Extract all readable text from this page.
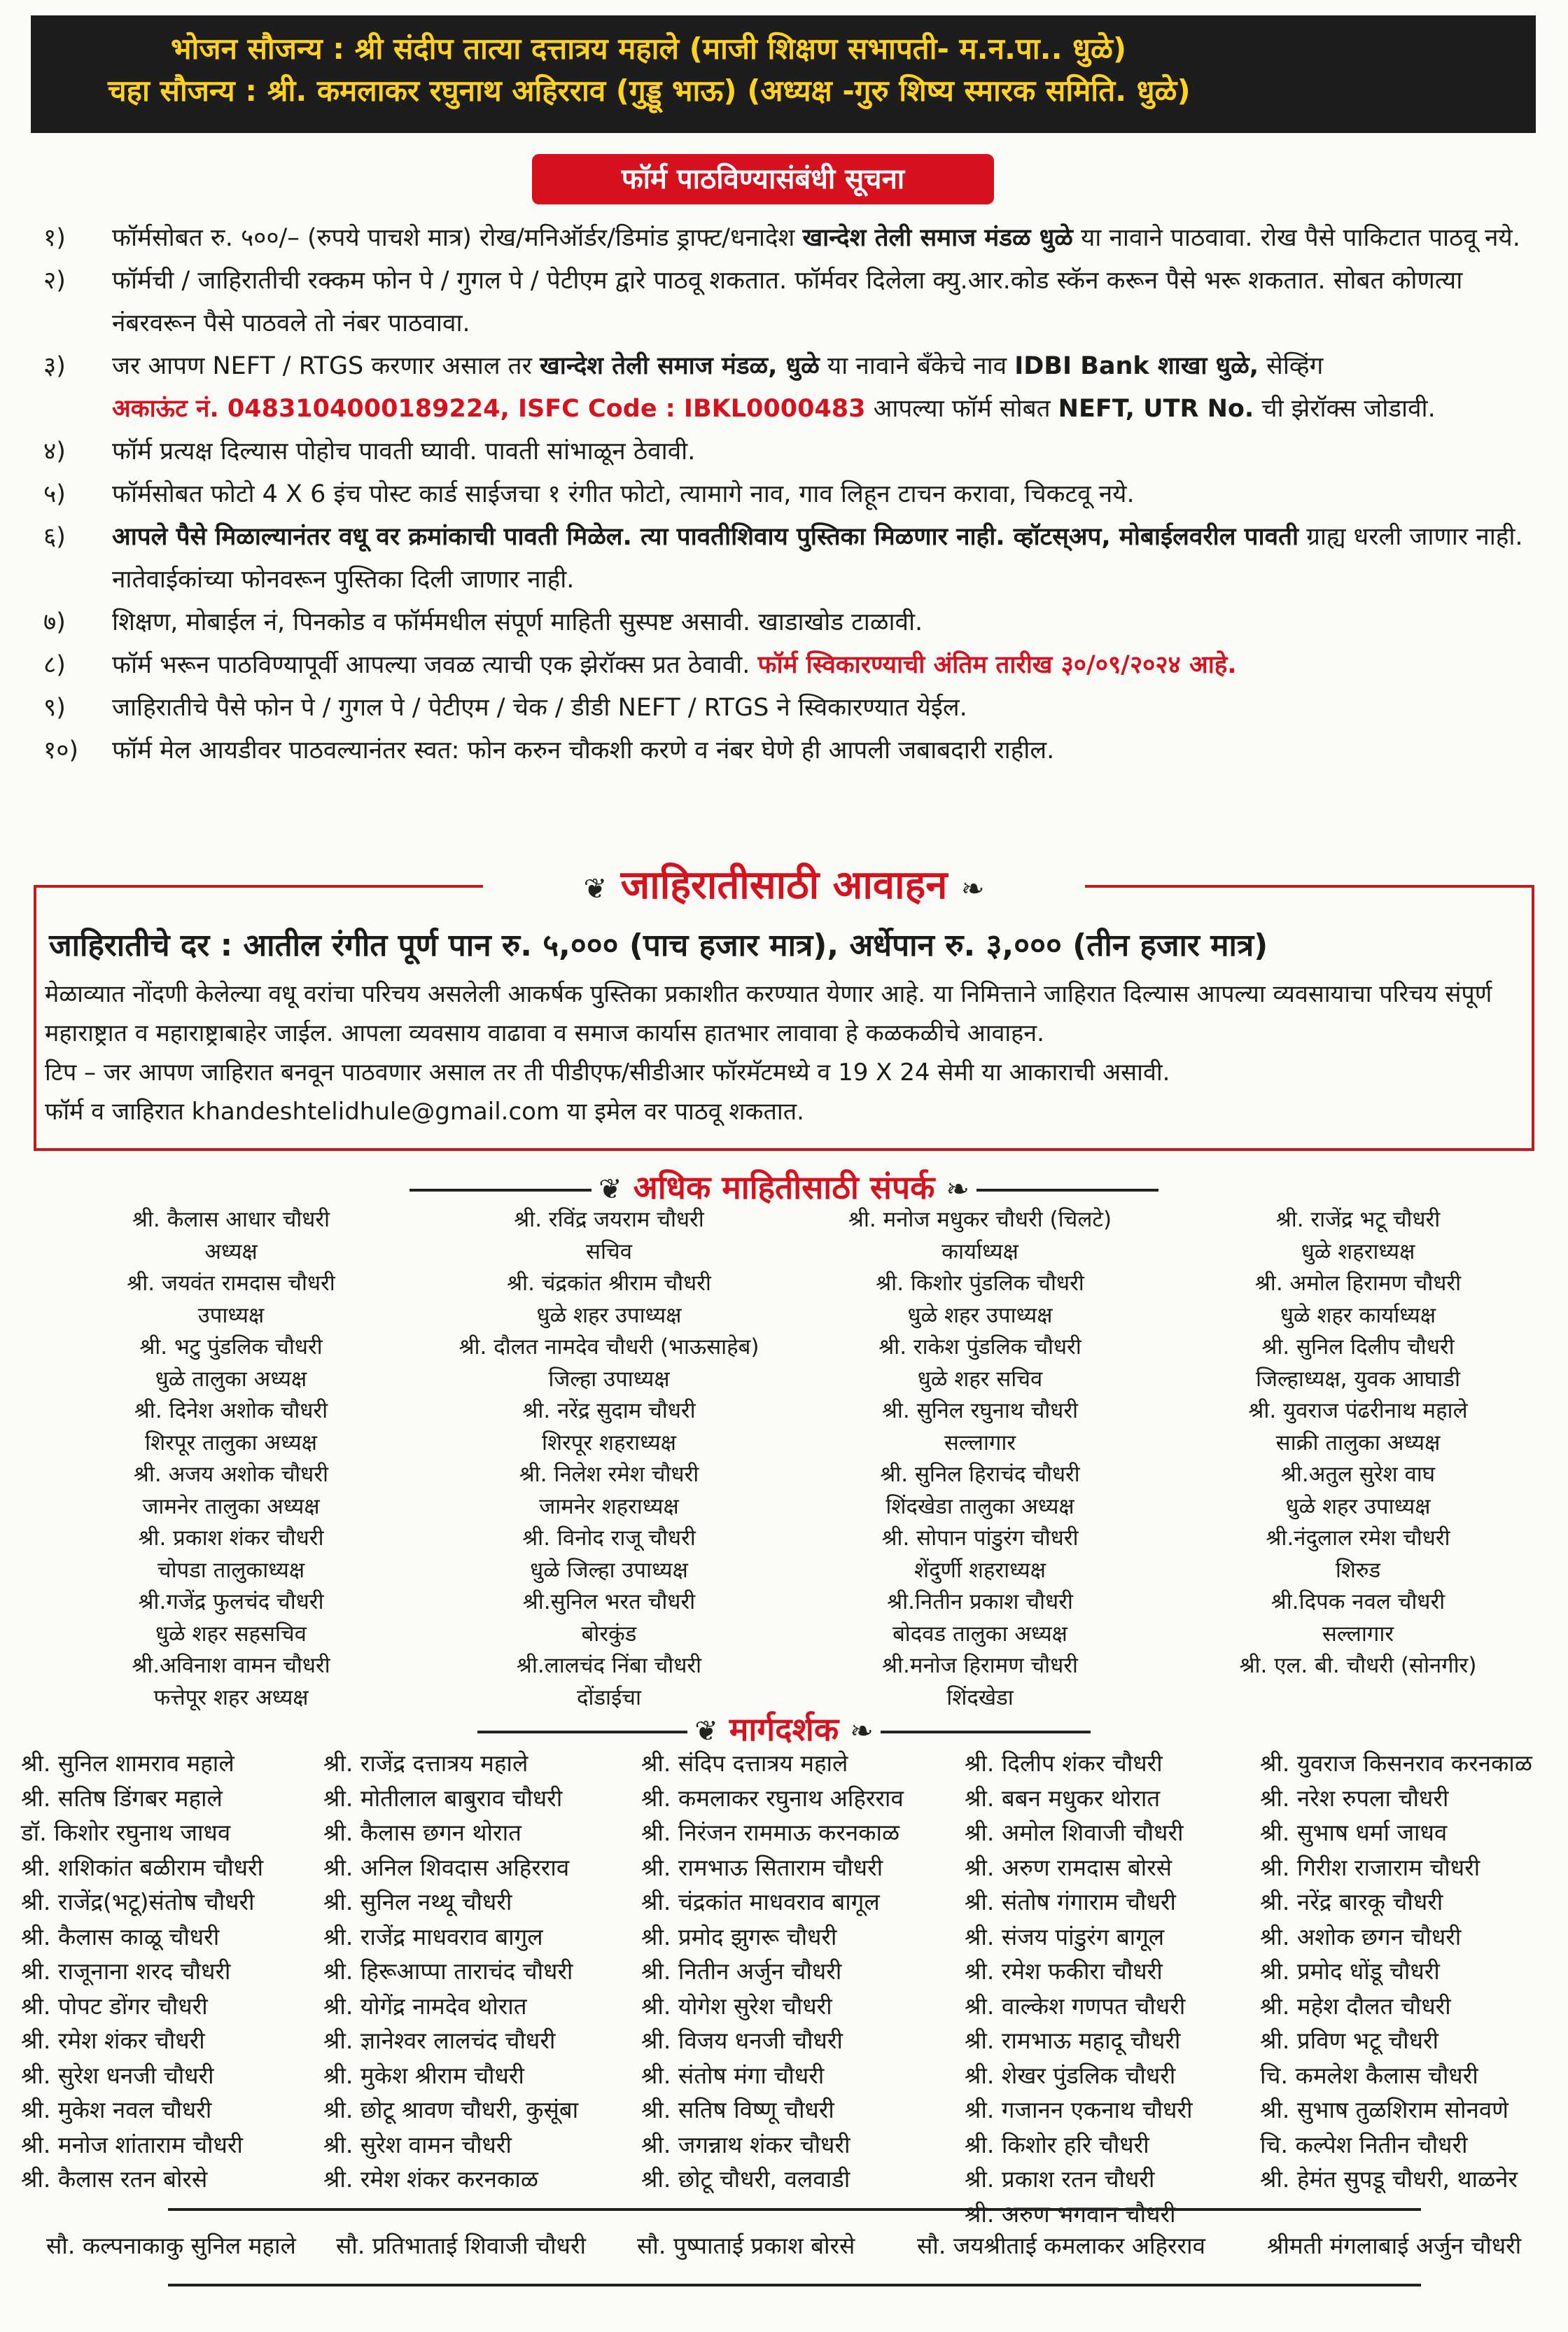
भोजन सौजन्य : श्री संदीप तात्या दत्तात्रय महाले (माजी शिक्षण सभापती- म.न.पा.. धुळे)
चहा सौजन्य : श्री. कमलाकर रघुनाथ अहिरराव (गुड्डू भाऊ) (अध्यक्ष -गुरु शिष्य स्मारक समिति. धुळे)
फॉर्म पाठविण्यासंबंधी सूचना
१)	फॉर्मसोबत रु. ५००/– (रुपये पाचशे मात्र) रोख/मनिऑर्डर/डिमांड ड्राफ्ट/धनादेश खान्देश तेली समाज मंडळ धुळे या नावाने पाठवावा. रोख पैसे पाकिटात पाठवू नये.
२)	फॉर्मची / जाहिरातीची रक्कम फोन पे / गुगल पे / पेटीएम द्वारे पाठवू शकतात. फॉर्मवर दिलेला क्यु.आर.कोड स्कॅन करून पैसे भरू शकतात. सोबत कोणत्या नंबरवरून पैसे पाठवले तो नंबर पाठवावा.
३)	जर आपण NEFT / RTGS करणार असाल तर खान्देश तेली समाज मंडळ, धुळे या नावाने बँकेचे नाव IDBI Bank शाखा धुळे, सेव्हिंग
अकाऊंट नं. 0483104000189224, ISFC Code : IBKL0000483 आपल्या फॉर्म सोबत NEFT, UTR No. ची झेरॉक्स जोडावी.
४)	फॉर्म प्रत्यक्ष दिल्यास पोहोच पावती घ्यावी. पावती सांभाळून ठेवावी.
५)	फॉर्मसोबत फोटो 4 X 6 इंच पोस्ट कार्ड साईजचा १ रंगीत फोटो, त्यामागे नाव, गाव लिहून टाचन करावा, चिकटवू नये.
६)	आपले पैसे मिळाल्यानंतर वधू वर क्रमांकाची पावती मिळेल. त्या पावतीशिवाय पुस्तिका मिळणार नाही. व्हॉटस्अप, मोबाईलवरील पावती ग्राह्य धरली जाणार नाही. नातेवाईकांच्या फोनवरून पुस्तिका दिली जाणार नाही.
७)	शिक्षण, मोबाईल नं, पिनकोड व फॉर्ममधील संपूर्ण माहिती सुस्पष्ट असावी. खाडाखोड टाळावी.
८)	फॉर्म भरून पाठविण्यापूर्वी आपल्या जवळ त्याची एक झेरॉक्स प्रत ठेवावी. फॉर्म स्विकारण्याची अंतिम तारीख ३०/०९/२०२४ आहे.
९)	जाहिरातीचे पैसे फोन पे / गुगल पे / पेटीएम / चेक / डीडी NEFT / RTGS ने स्विकारण्यात येईल.
१०)	फॉर्म मेल आयडीवर पाठवल्यानंतर स्वत: फोन करुन चौकशी करणे व नंबर घेणे ही आपली जबाबदारी राहील.
❦ जाहिरातीसाठी आवाहन ❧
जाहिरातीचे दर : आतील रंगीत पूर्ण पान रु. ५,००० (पाच हजार मात्र), अर्धेपान रु. ३,००० (तीन हजार मात्र)
मेळाव्यात नोंदणी केलेल्या वधू वरांचा परिचय असलेली आकर्षक पुस्तिका प्रकाशीत करण्यात येणार आहे. या निमित्ताने जाहिरात दिल्यास आपल्या व्यवसायाचा परिचय संपूर्ण महाराष्ट्रात व महाराष्ट्राबाहेर जाईल. आपला व्यवसाय वाढावा व समाज कार्यास हातभार लावावा हे कळकळीचे आवाहन.
टिप – जर आपण जाहिरात बनवून पाठवणार असाल तर ती पीडीएफ/सीडीआर फॉरमॅटमध्ये व 19 X 24 सेमी या आकाराची असावी.
फॉर्म व जाहिरात khandeshtelidhule@gmail.com या इमेल वर पाठवू शकतात.
❦ अधिक माहितीसाठी संपर्क ❧
श्री. कैलास आधार चौधरी
अध्यक्ष
श्री. जयवंत रामदास चौधरी
उपाध्यक्ष
श्री. भटु पुंडलिक चौधरी
धुळे तालुका अध्यक्ष
श्री. दिनेश अशोक चौधरी
शिरपूर तालुका अध्यक्ष
श्री. अजय अशोक चौधरी
जामनेर तालुका अध्यक्ष
श्री. प्रकाश शंकर चौधरी
चोपडा तालुकाध्यक्ष
श्री.गजेंद्र फुलचंद चौधरी
धुळे शहर सहसचिव
श्री.अविनाश वामन चौधरी
फत्तेपूर शहर अध्यक्ष
श्री. रविंद्र जयराम चौधरी
सचिव
श्री. चंद्रकांत श्रीराम चौधरी
धुळे शहर उपाध्यक्ष
श्री. दौलत नामदेव चौधरी (भाऊसाहेब)
जिल्हा उपाध्यक्ष
श्री. नरेंद्र सुदाम चौधरी
शिरपूर शहराध्यक्ष
श्री. निलेश रमेश चौधरी
जामनेर शहराध्यक्ष
श्री. विनोद राजू चौधरी
धुळे जिल्हा उपाध्यक्ष
श्री.सुनिल भरत चौधरी
बोरकुंड
श्री.लालचंद निंबा चौधरी
दोंडाईचा
श्री. मनोज मधुकर चौधरी (चिलटे)
कार्याध्यक्ष
श्री. किशोर पुंडलिक चौधरी
धुळे शहर उपाध्यक्ष
श्री. राकेश पुंडलिक चौधरी
धुळे शहर सचिव
श्री. सुनिल रघुनाथ चौधरी
सल्लागार
श्री. सुनिल हिराचंद चौधरी
शिंदखेडा तालुका अध्यक्ष
श्री. सोपान पांडुरंग चौधरी
शेंदुर्णी शहराध्यक्ष
श्री.नितीन प्रकाश चौधरी
बोदवड तालुका अध्यक्ष
श्री.मनोज हिरामण चौधरी
शिंदखेडा
श्री. राजेंद्र भटू चौधरी
धुळे शहराध्यक्ष
श्री. अमोल हिरामण चौधरी
धुळे शहर कार्याध्यक्ष
श्री. सुनिल दिलीप चौधरी
जिल्हाध्यक्ष, युवक आघाडी
श्री. युवराज पंढरीनाथ महाले
साक्री तालुका अध्यक्ष
श्री.अतुल सुरेश वाघ
धुळे शहर उपाध्यक्ष
श्री.नंदुलाल रमेश चौधरी
शिरुड
श्री.दिपक नवल चौधरी
सल्लागार
श्री. एल. बी. चौधरी (सोनगीर)
❦ मार्गदर्शक ❧
श्री. सुनिल शामराव महाले
श्री. सतिष डिंगबर महाले
डॉ. किशोर रघुनाथ जाधव
श्री. शशिकांत बळीराम चौधरी
श्री. राजेंद्र(भटू)संतोष चौधरी
श्री. कैलास काळू चौधरी
श्री. राजूनाना शरद चौधरी
श्री. पोपट डोंगर चौधरी
श्री. रमेश शंकर चौधरी
श्री. सुरेश धनजी चौधरी
श्री. मुकेश नवल चौधरी
श्री. मनोज शांताराम चौधरी
श्री. कैलास रतन बोरसे
श्री. राजेंद्र दत्तात्रय महाले
श्री. मोतीलाल बाबुराव चौधरी
श्री. कैलास छगन थोरात
श्री. अनिल शिवदास अहिरराव
श्री. सुनिल नथ्थू चौधरी
श्री. राजेंद्र माधवराव बागुल
श्री. हिरूआप्पा ताराचंद चौधरी
श्री. योगेंद्र नामदेव थोरात
श्री. ज्ञानेश्वर लालचंद चौधरी
श्री. मुकेश श्रीराम चौधरी
श्री. छोटू श्रावण चौधरी, कुसूंबा
श्री. सुरेश वामन चौधरी
श्री. रमेश शंकर करनकाळ
श्री. संदिप दत्तात्रय महाले
श्री. कमलाकर रघुनाथ अहिरराव
श्री. निरंजन राममाऊ करनकाळ
श्री. रामभाऊ सिताराम चौधरी
श्री. चंद्रकांत माधवराव बागूल
श्री. प्रमोद झुगरू चौधरी
श्री. नितीन अर्जुन चौधरी
श्री. योगेश सुरेश चौधरी
श्री. विजय धनजी चौधरी
श्री. संतोष मंगा चौधरी
श्री. सतिष विष्णू चौधरी
श्री. जगन्नाथ शंकर चौधरी
श्री. छोटू चौधरी, वलवाडी
श्री. दिलीप शंकर चौधरी
श्री. बबन मधुकर थोरात
श्री. अमोल शिवाजी चौधरी
श्री. अरुण रामदास बोरसे
श्री. संतोष गंगाराम चौधरी
श्री. संजय पांडुरंग बागूल
श्री. रमेश फकीरा चौधरी
श्री. वाल्केश गणपत चौधरी
श्री. रामभाऊ महादू चौधरी
श्री. शेखर पुंडलिक चौधरी
श्री. गजानन एकनाथ चौधरी
श्री. किशोर हरि चौधरी
श्री. प्रकाश रतन चौधरी
श्री. अरुण भगवान चौधरी
श्री. युवराज किसनराव करनकाळ
श्री. नरेश रुपला चौधरी
श्री. सुभाष धर्मा जाधव
श्री. गिरीश राजाराम चौधरी
श्री. नरेंद्र बारकू चौधरी
श्री. अशोक छगन चौधरी
श्री. प्रमोद धोंडू चौधरी
श्री. महेश दौलत चौधरी
श्री. प्रविण भटू चौधरी
चि. कमलेश कैलास चौधरी
श्री. सुभाष तुळशिराम सोनवणे
चि. कल्पेश नितीन चौधरी
श्री. हेमंत सुपडू चौधरी, थाळनेर
सौ. कल्पनाकाकु सुनिल महाले सौ. प्रतिभाताई शिवाजी चौधरी सौ. पुष्पाताई प्रकाश बोरसे	सौ. जयश्रीताई कमलाकर अहिरराव	श्रीमती मंगलाबाई अर्जुन चौधरी
